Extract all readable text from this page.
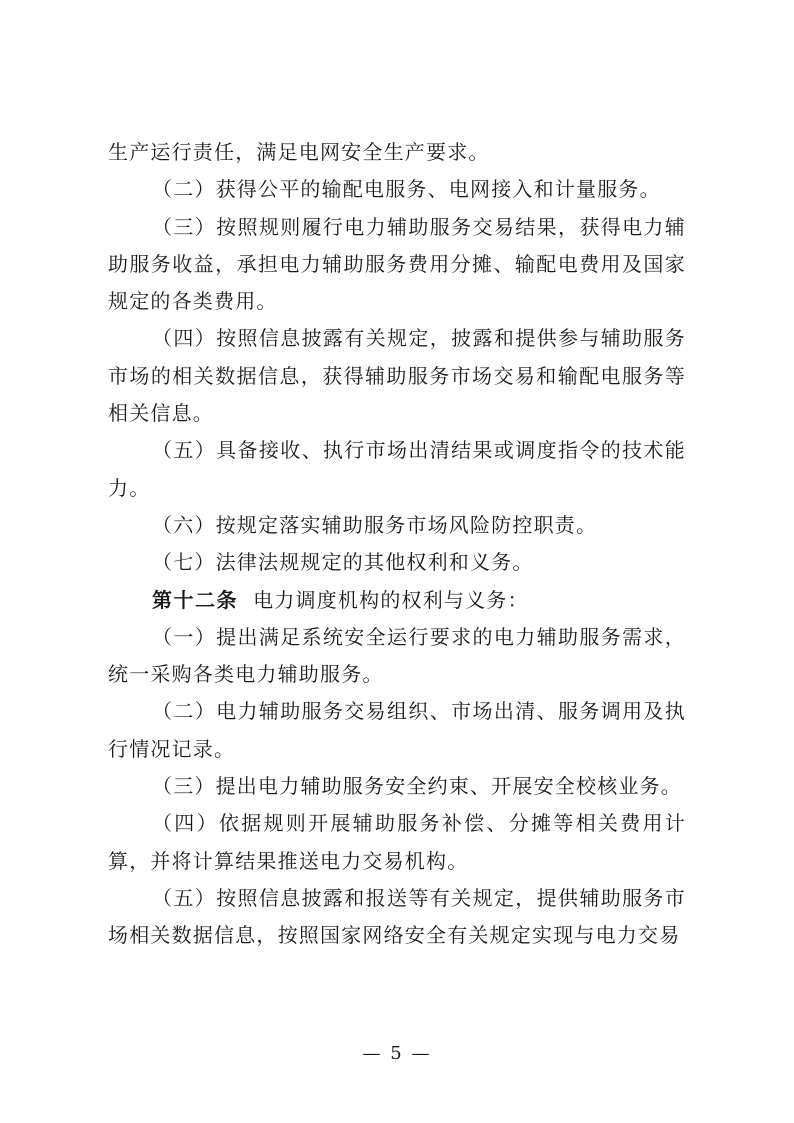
生产运行责任，满足电网安全生产要求。

（二）获得公平的输配电服务、电网接入和计量服务。

（三）按照规则履行电力辅助服务交易结果，获得电力辅助服务收益，承担电力辅助服务费用分摊、输配电费用及国家规定的各类费用。

（四）按照信息披露有关规定，披露和提供参与辅助服务市场的相关数据信息，获得辅助服务市场交易和输配电服务等相关信息。

（五）具备接收、执行市场出清结果或调度指令的技术能力。

（六）按规定落实辅助服务市场风险防控职责。

（七）法律法规规定的其他权利和义务。

第十二条 电力调度机构的权利与义务：

（一）提出满足系统安全运行要求的电力辅助服务需求，统一采购各类电力辅助服务。

（二）电力辅助服务交易组织、市场出清、服务调用及执行情况记录。

（三）提出电力辅助服务安全约束、开展安全校核业务。

（四）依据规则开展辅助服务补偿、分摊等相关费用计算，并将计算结果推送电力交易机构。

（五）按照信息披露和报送等有关规定，提供辅助服务市场相关数据信息，按照国家网络安全有关规定实现与电力交易

— 5 —
